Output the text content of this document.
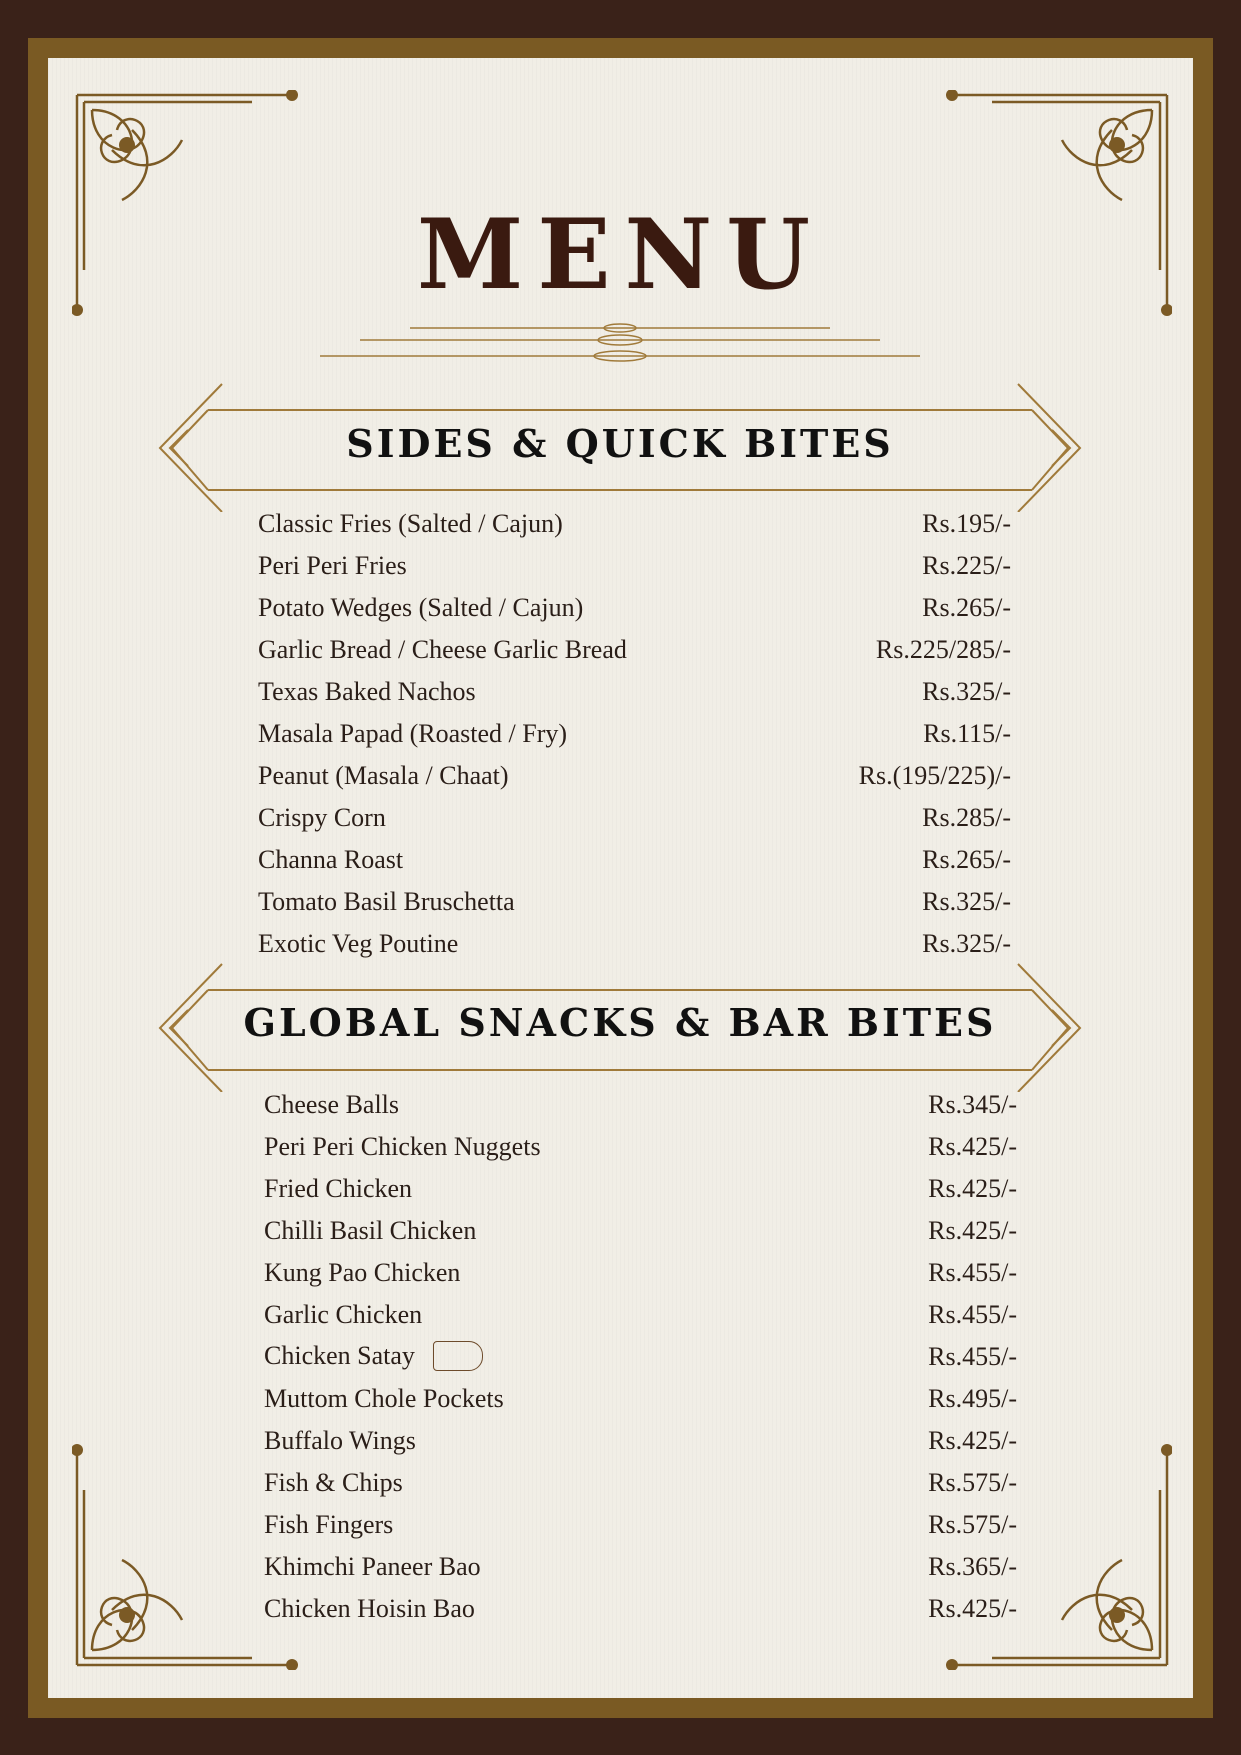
MENU
SIDES & QUICK BITES
Classic Fries (Salted / Cajun)	Rs.195/-
Peri Peri Fries	Rs.225/-
Potato Wedges (Salted / Cajun)	Rs.265/-
Garlic Bread / Cheese Garlic Bread	Rs.225/285/-
Texas Baked Nachos	Rs.325/-
Masala Papad (Roasted / Fry)	Rs.115/-
Peanut (Masala / Chaat)	Rs.(195/225)/-
Crispy Corn	Rs.285/-
Channa Roast	Rs.265/-
Tomato Basil Bruschetta	Rs.325/-
Exotic Veg Poutine	Rs.325/-
GLOBAL SNACKS & BAR BITES
Cheese Balls	Rs.345/-
Peri Peri Chicken Nuggets	Rs.425/-
Fried Chicken	Rs.425/-
Chilli Basil Chicken	Rs.425/-
Kung Pao Chicken	Rs.455/-
Garlic Chicken	Rs.455/-
Chicken Satay	Rs.455/-
Muttom Chole Pockets	Rs.495/-
Buffalo Wings	Rs.425/-
Fish & Chips	Rs.575/-
Fish Fingers	Rs.575/-
Khimchi Paneer Bao	Rs.365/-
Chicken Hoisin Bao	Rs.425/-
